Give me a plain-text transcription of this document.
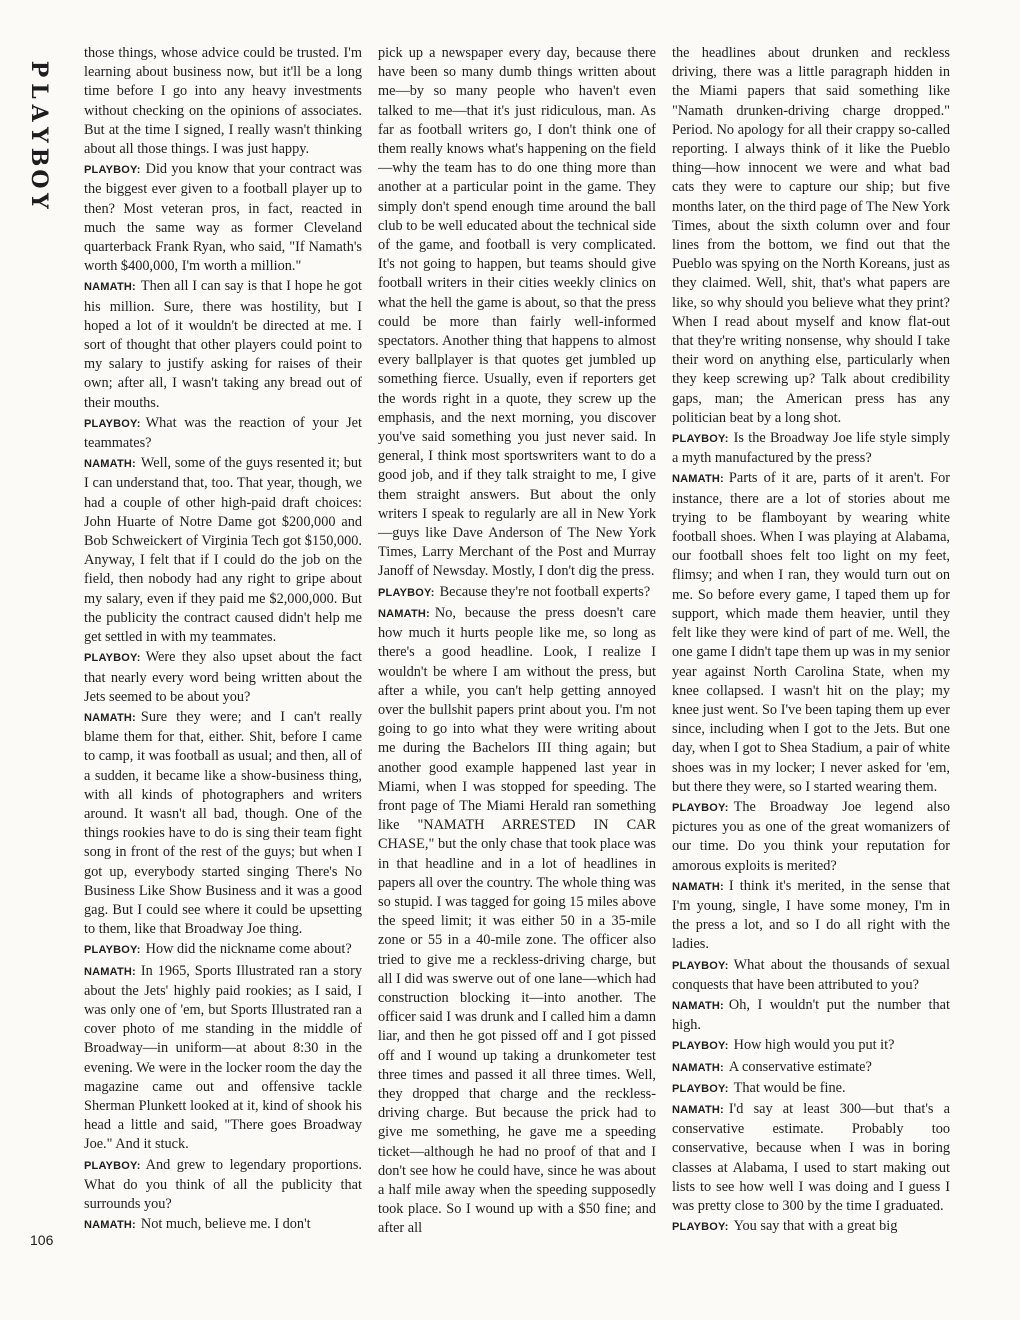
P
L
A
Y
B
O
Y
106

those things, whose advice could be trusted. I'm learning about business now, but it'll be a long time before I go into any heavy investments without checking on the opinions of associates. But at the time I signed, I really wasn't thinking about all those things. I was just happy.

PLAYBOY: Did you know that your contract was the biggest ever given to a football player up to then? Most veteran pros, in fact, reacted in much the same way as former Cleveland quarterback Frank Ryan, who said, "If Namath's worth $400,000, I'm worth a million."

NAMATH: Then all I can say is that I hope he got his million. Sure, there was hostility, but I hoped a lot of it wouldn't be directed at me. I sort of thought that other players could point to my salary to justify asking for raises of their own; after all, I wasn't taking any bread out of their mouths.

PLAYBOY: What was the reaction of your Jet teammates?

NAMATH: Well, some of the guys resented it; but I can understand that, too. That year, though, we had a couple of other high-paid draft choices: John Huarte of Notre Dame got $200,000 and Bob Schweickert of Virginia Tech got $150,000. Anyway, I felt that if I could do the job on the field, then nobody had any right to gripe about my salary, even if they paid me $2,000,000. But the publicity the contract caused didn't help me get settled in with my teammates.

PLAYBOY: Were they also upset about the fact that nearly every word being written about the Jets seemed to be about you?

NAMATH: Sure they were; and I can't really blame them for that, either. Shit, before I came to camp, it was football as usual; and then, all of a sudden, it became like a show-business thing, with all kinds of photographers and writers around. It wasn't all bad, though. One of the things rookies have to do is sing their team fight song in front of the rest of the guys; but when I got up, everybody started singing There's No Business Like Show Business and it was a good gag. But I could see where it could be upsetting to them, like that Broadway Joe thing.

PLAYBOY: How did the nickname come about?

NAMATH: In 1965, Sports Illustrated ran a story about the Jets' highly paid rookies; as I said, I was only one of 'em, but Sports Illustrated ran a cover photo of me standing in the middle of Broadway—in uniform—at about 8:30 in the evening. We were in the locker room the day the magazine came out and offensive tackle Sherman Plunkett looked at it, kind of shook his head a little and said, "There goes Broadway Joe." And it stuck.

PLAYBOY: And grew to legendary proportions. What do you think of all the publicity that surrounds you?

NAMATH: Not much, believe me. I don't

pick up a newspaper every day, because there have been so many dumb things written about me—by so many people who haven't even talked to me—that it's just ridiculous, man. As far as football writers go, I don't think one of them really knows what's happening on the field—why the team has to do one thing more than another at a particular point in the game. They simply don't spend enough time around the ball club to be well educated about the technical side of the game, and football is very complicated. It's not going to happen, but teams should give football writers in their cities weekly clinics on what the hell the game is about, so that the press could be more than fairly well-informed spectators. Another thing that happens to almost every ballplayer is that quotes get jumbled up something fierce. Usually, even if reporters get the words right in a quote, they screw up the emphasis, and the next morning, you discover you've said something you just never said. In general, I think most sportswriters want to do a good job, and if they talk straight to me, I give them straight answers. But about the only writers I speak to regularly are all in New York—guys like Dave Anderson of The New York Times, Larry Merchant of the Post and Murray Janoff of Newsday. Mostly, I don't dig the press.

PLAYBOY: Because they're not football experts?

NAMATH: No, because the press doesn't care how much it hurts people like me, so long as there's a good headline. Look, I realize I wouldn't be where I am without the press, but after a while, you can't help getting annoyed over the bullshit papers print about you. I'm not going to go into what they were writing about me during the Bachelors III thing again; but another good example happened last year in Miami, when I was stopped for speeding. The front page of The Miami Herald ran something like "NAMATH ARRESTED IN CAR CHASE," but the only chase that took place was in that headline and in a lot of headlines in papers all over the country. The whole thing was so stupid. I was tagged for going 15 miles above the speed limit; it was either 50 in a 35-mile zone or 55 in a 40-mile zone. The officer also tried to give me a reckless-driving charge, but all I did was swerve out of one lane—which had construction blocking it—into another. The officer said I was drunk and I called him a damn liar, and then he got pissed off and I got pissed off and I wound up taking a drunkometer test three times and passed it all three times. Well, they dropped that charge and the reckless-driving charge. But because the prick had to give me something, he gave me a speeding ticket—although he had no proof of that and I don't see how he could have, since he was about a half mile away when the speeding supposedly took place. So I wound up with a $50 fine; and after all

the headlines about drunken and reckless driving, there was a little paragraph hidden in the Miami papers that said something like "Namath drunken-driving charge dropped." Period. No apology for all their crappy so-called reporting. I always think of it like the Pueblo thing—how innocent we were and what bad cats they were to capture our ship; but five months later, on the third page of The New York Times, about the sixth column over and four lines from the bottom, we find out that the Pueblo was spying on the North Koreans, just as they claimed. Well, shit, that's what papers are like, so why should you believe what they print? When I read about myself and know flat-out that they're writing nonsense, why should I take their word on anything else, particularly when they keep screwing up? Talk about credibility gaps, man; the American press has any politician beat by a long shot.

PLAYBOY: Is the Broadway Joe life style simply a myth manufactured by the press?

NAMATH: Parts of it are, parts of it aren't. For instance, there are a lot of stories about me trying to be flamboyant by wearing white football shoes. When I was playing at Alabama, our football shoes felt too light on my feet, flimsy; and when I ran, they would turn out on me. So before every game, I taped them up for support, which made them heavier, until they felt like they were kind of part of me. Well, the one game I didn't tape them up was in my senior year against North Carolina State, when my knee collapsed. I wasn't hit on the play; my knee just went. So I've been taping them up ever since, including when I got to the Jets. But one day, when I got to Shea Stadium, a pair of white shoes was in my locker; I never asked for 'em, but there they were, so I started wearing them.

PLAYBOY: The Broadway Joe legend also pictures you as one of the great womanizers of our time. Do you think your reputation for amorous exploits is merited?

NAMATH: I think it's merited, in the sense that I'm young, single, I have some money, I'm in the press a lot, and so I do all right with the ladies.

PLAYBOY: What about the thousands of sexual conquests that have been attributed to you?

NAMATH: Oh, I wouldn't put the number that high.

PLAYBOY: How high would you put it?

NAMATH: A conservative estimate?

PLAYBOY: That would be fine.

NAMATH: I'd say at least 300—but that's a conservative estimate. Probably too conservative, because when I was in boring classes at Alabama, I used to start making out lists to see how well I was doing and I guess I was pretty close to 300 by the time I graduated.

PLAYBOY: You say that with a great big
